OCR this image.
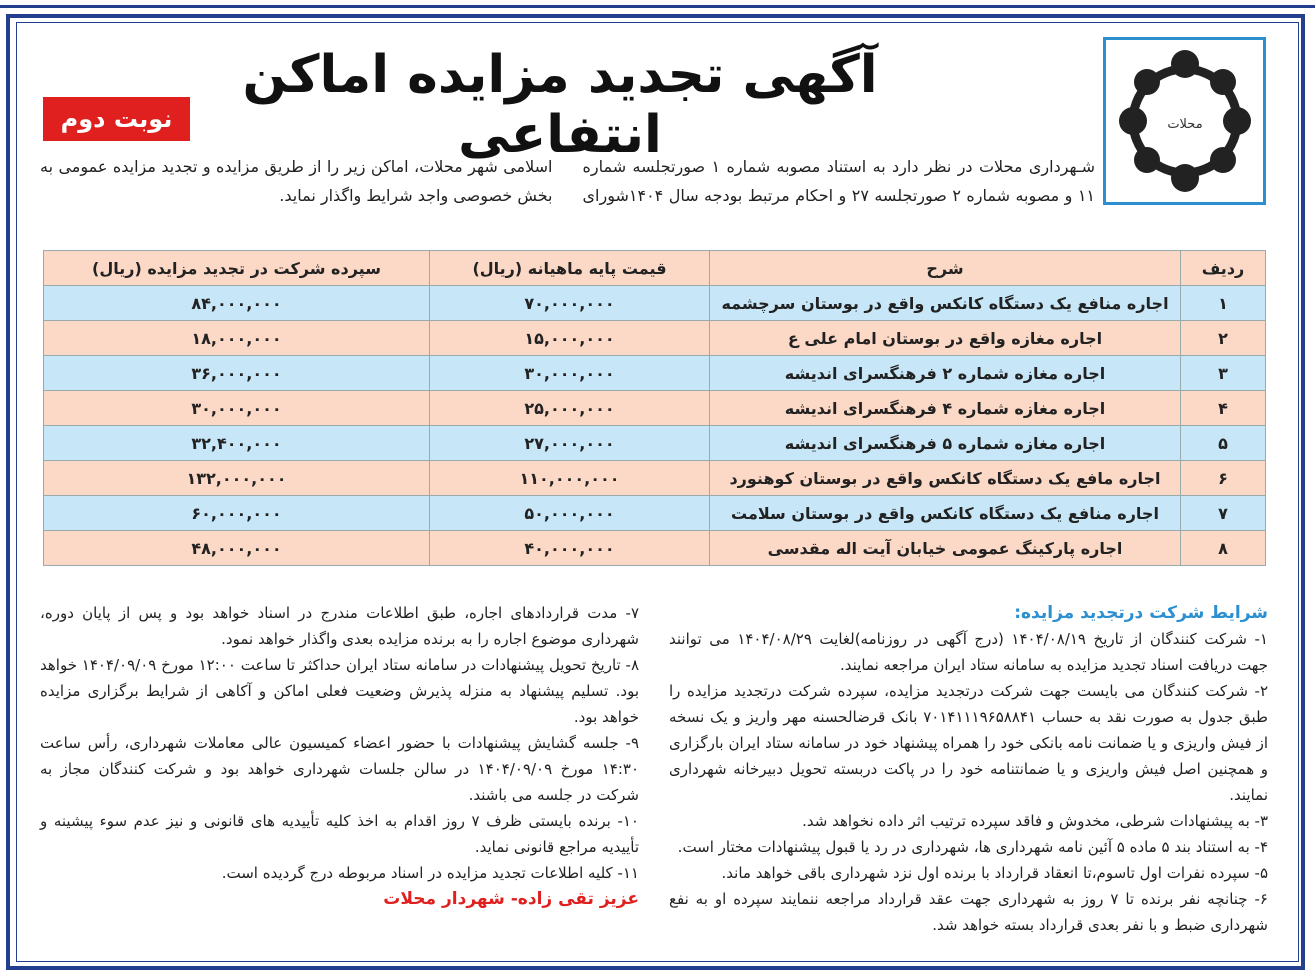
محلات
آگهی تجدید مزایده اماکن انتفاعی
نوبت دوم
شـهرداری محلات در نظر دارد به استناد مصوبه شماره ۱ صورتجلسه شماره ۱۱ و مصوبه شماره ۲ صورتجلسه ۲۷ و احکام مرتبط بودجه سال ۱۴۰۴شورای اسلامی شهر محلات، اماکن زیر را از طریق مزایده و تجدید مزایده عمومی به بخش خصوصی واجد شرایط واگذار نماید.
ردیف	شرح	قیمت پایه ماهیانه (ریال)	سپرده شرکت در تجدید مزایده (ریال)
۱	اجاره منافع یک دستگاه کانکس واقع در بوستان سرچشمه	۷۰,۰۰۰,۰۰۰	۸۴,۰۰۰,۰۰۰
۲	اجاره مغازه واقع در بوستان امام علی ع	۱۵,۰۰۰,۰۰۰	۱۸,۰۰۰,۰۰۰
۳	اجاره مغازه شماره ۲ فرهنگسرای اندیشه	۳۰,۰۰۰,۰۰۰	۳۶,۰۰۰,۰۰۰
۴	اجاره مغازه شماره ۴ فرهنگسرای اندیشه	۲۵,۰۰۰,۰۰۰	۳۰,۰۰۰,۰۰۰
۵	اجاره مغازه شماره ۵ فرهنگسرای اندیشه	۲۷,۰۰۰,۰۰۰	۳۲,۴۰۰,۰۰۰
۶	اجاره مافع یک دستگاه کانکس واقع در بوستان کوهنورد	۱۱۰,۰۰۰,۰۰۰	۱۳۲,۰۰۰,۰۰۰
۷	اجاره منافع یک دستگاه کانکس واقع در بوستان سلامت	۵۰,۰۰۰,۰۰۰	۶۰,۰۰۰,۰۰۰
۸	اجاره پارکینگ عمومی خیابان آیت اله مقدسی	۴۰,۰۰۰,۰۰۰	۴۸,۰۰۰,۰۰۰
شرایط شرکت درتجدید مزایده:

۱- شرکت کنندگان از تاریخ ۱۴۰۴/۰۸/۱۹ (درج آگهی در روزنامه)لغایت ۱۴۰۴/۰۸/۲۹ می توانند جهت دریافت اسناد تجدید مزایده به سامانه ستاد ایران مراجعه نمایند.

۲- شرکت کنندگان می بایست جهت شرکت درتجدید مزایده، سپرده شرکت درتجدید مزایده را طبق جدول به صورت نقد به حساب ۷۰۱۴۱۱۱۹۶۵۸۸۴۱ بانک قرضالحسنه مهر واریز و یک نسخه از فیش واریزی و یا ضمانت نامه بانکی خود را همراه پیشنهاد خود در سامانه ستاد ایران بارگزاری و همچنین اصل فیش واریزی و یا ضمانتنامه خود را در پاکت دربسته تحویل دبیرخانه شهرداری نمایند.

۳- به پیشنهادات شرطی، مخدوش و فاقد سپرده ترتیب اثر داده نخواهد شد.

۴- به استناد بند ۵ ماده ۵ آئین نامه شهرداری ها، شهرداری در رد یا قبول پیشنهادات مختار است.

۵- سپرده نفرات اول تاسوم،تا انعقاد قرارداد با برنده اول نزد شهرداری باقی خواهد ماند.

۶- چنانچه نفر برنده تا ۷ روز به شهرداری جهت عقد قرارداد مراجعه ننمایند سپرده او به نفع شهرداری ضبط و با نفر بعدی قرارداد بسته خواهد شد.

۷- مدت قراردادهای اجاره، طبق اطلاعات مندرج در اسناد خواهد بود و پس از پایان دوره، شهرداری موضوع اجاره را به برنده مزایده بعدی واگذار خواهد نمود.

۸- تاریخ تحویل پیشنهادات در سامانه ستاد ایران حداکثر تا ساعت ۱۲:۰۰ مورخ ۱۴۰۴/۰۹/۰۹ خواهد بود. تسلیم پیشنهاد به منزله پذیرش وضعیت فعلی اماکن و آکاهی از شرایط برگزاری مزایده خواهد بود.

۹- جلسه گشایش پیشنهادات با حضور اعضاء کمیسیون عالی معاملات شهرداری، رأس ساعت ۱۴:۳۰ مورخ ۱۴۰۴/۰۹/۰۹ در سالن جلسات شهرداری خواهد بود و شرکت کنندگان مجاز به شرکت در جلسه می باشند.

۱۰- برنده بایستی ظرف ۷ روز اقدام به اخذ کلیه تأییدیه های قانونی و نیز عدم سوء پیشینه و تأییدیه مراجع قانونی نماید.

۱۱- کلیه اطلاعات تجدید مزایده در اسناد مربوطه درج گردیده است.

عزیز تقی زاده- شهردار محلات
